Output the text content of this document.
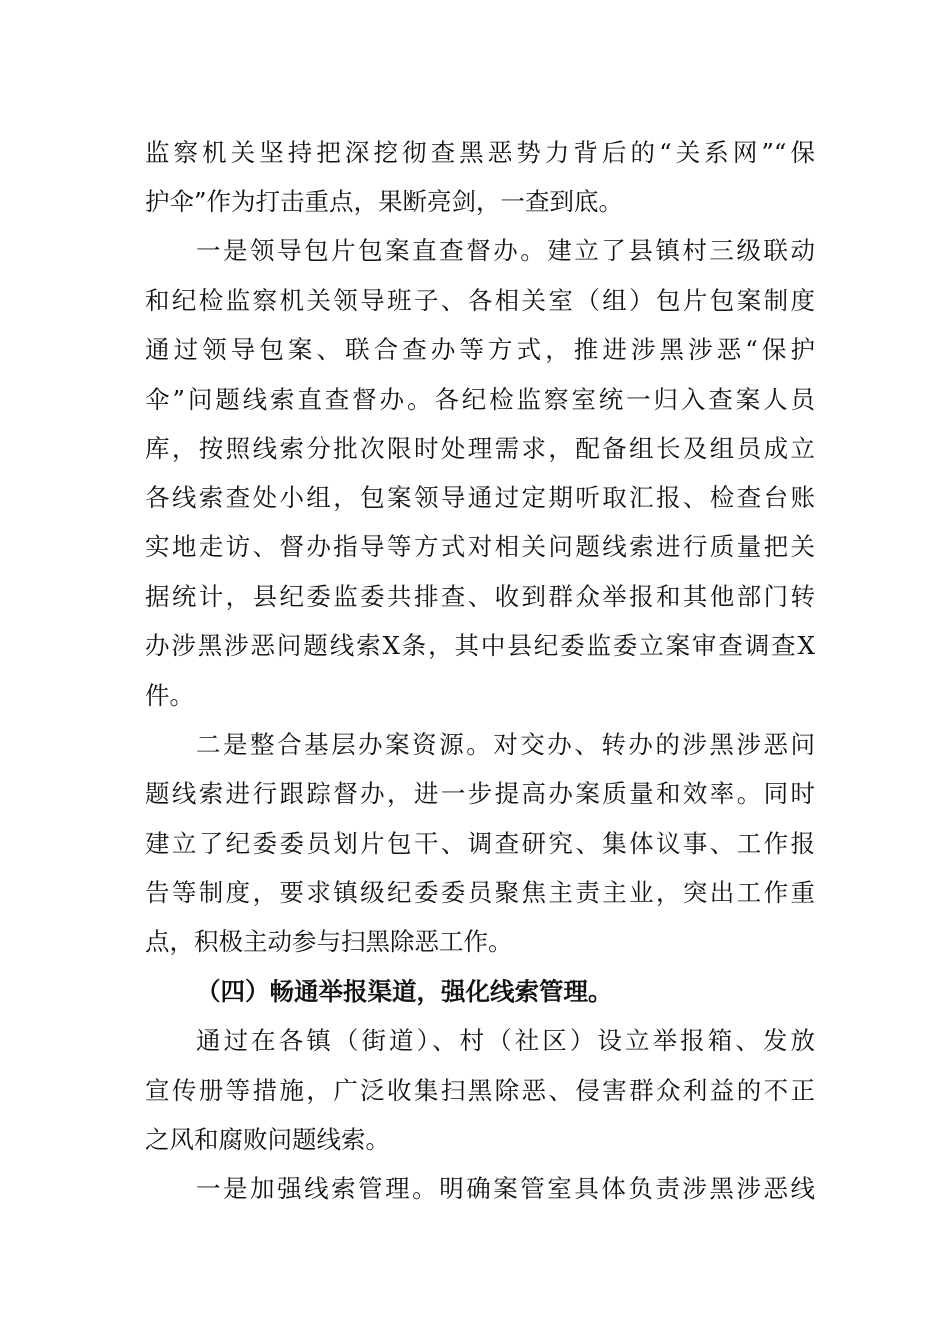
监察机关坚持把深挖彻查黑恶势力背后的“关系网”“保
护伞”作为打击重点，果断亮剑，一查到底。
一是领导包片包案直查督办。建立了县镇村三级联动
和纪检监察机关领导班子、各相关室（组）包片包案制度
通过领导包案、联合查办等方式，推进涉黑涉恶“保护
伞”问题线索直查督办。各纪检监察室统一归入查案人员
库，按照线索分批次限时处理需求，配备组长及组员成立
各线索查处小组，包案领导通过定期听取汇报、检查台账
实地走访、督办指导等方式对相关问题线索进行质量把关
据统计，县纪委监委共排查、收到群众举报和其他部门转
办涉黑涉恶问题线索X条，其中县纪委监委立案审查调查X
件。
二是整合基层办案资源。对交办、转办的涉黑涉恶问
题线索进行跟踪督办，进一步提高办案质量和效率。同时
建立了纪委委员划片包干、调查研究、集体议事、工作报
告等制度，要求镇级纪委委员聚焦主责主业，突出工作重
点，积极主动参与扫黑除恶工作。
（四）畅通举报渠道，强化线索管理。
通过在各镇（街道）、村（社区）设立举报箱、发放
宣传册等措施，广泛收集扫黑除恶、侵害群众利益的不正
之风和腐败问题线索。
一是加强线索管理。明确案管室具体负责涉黑涉恶线
